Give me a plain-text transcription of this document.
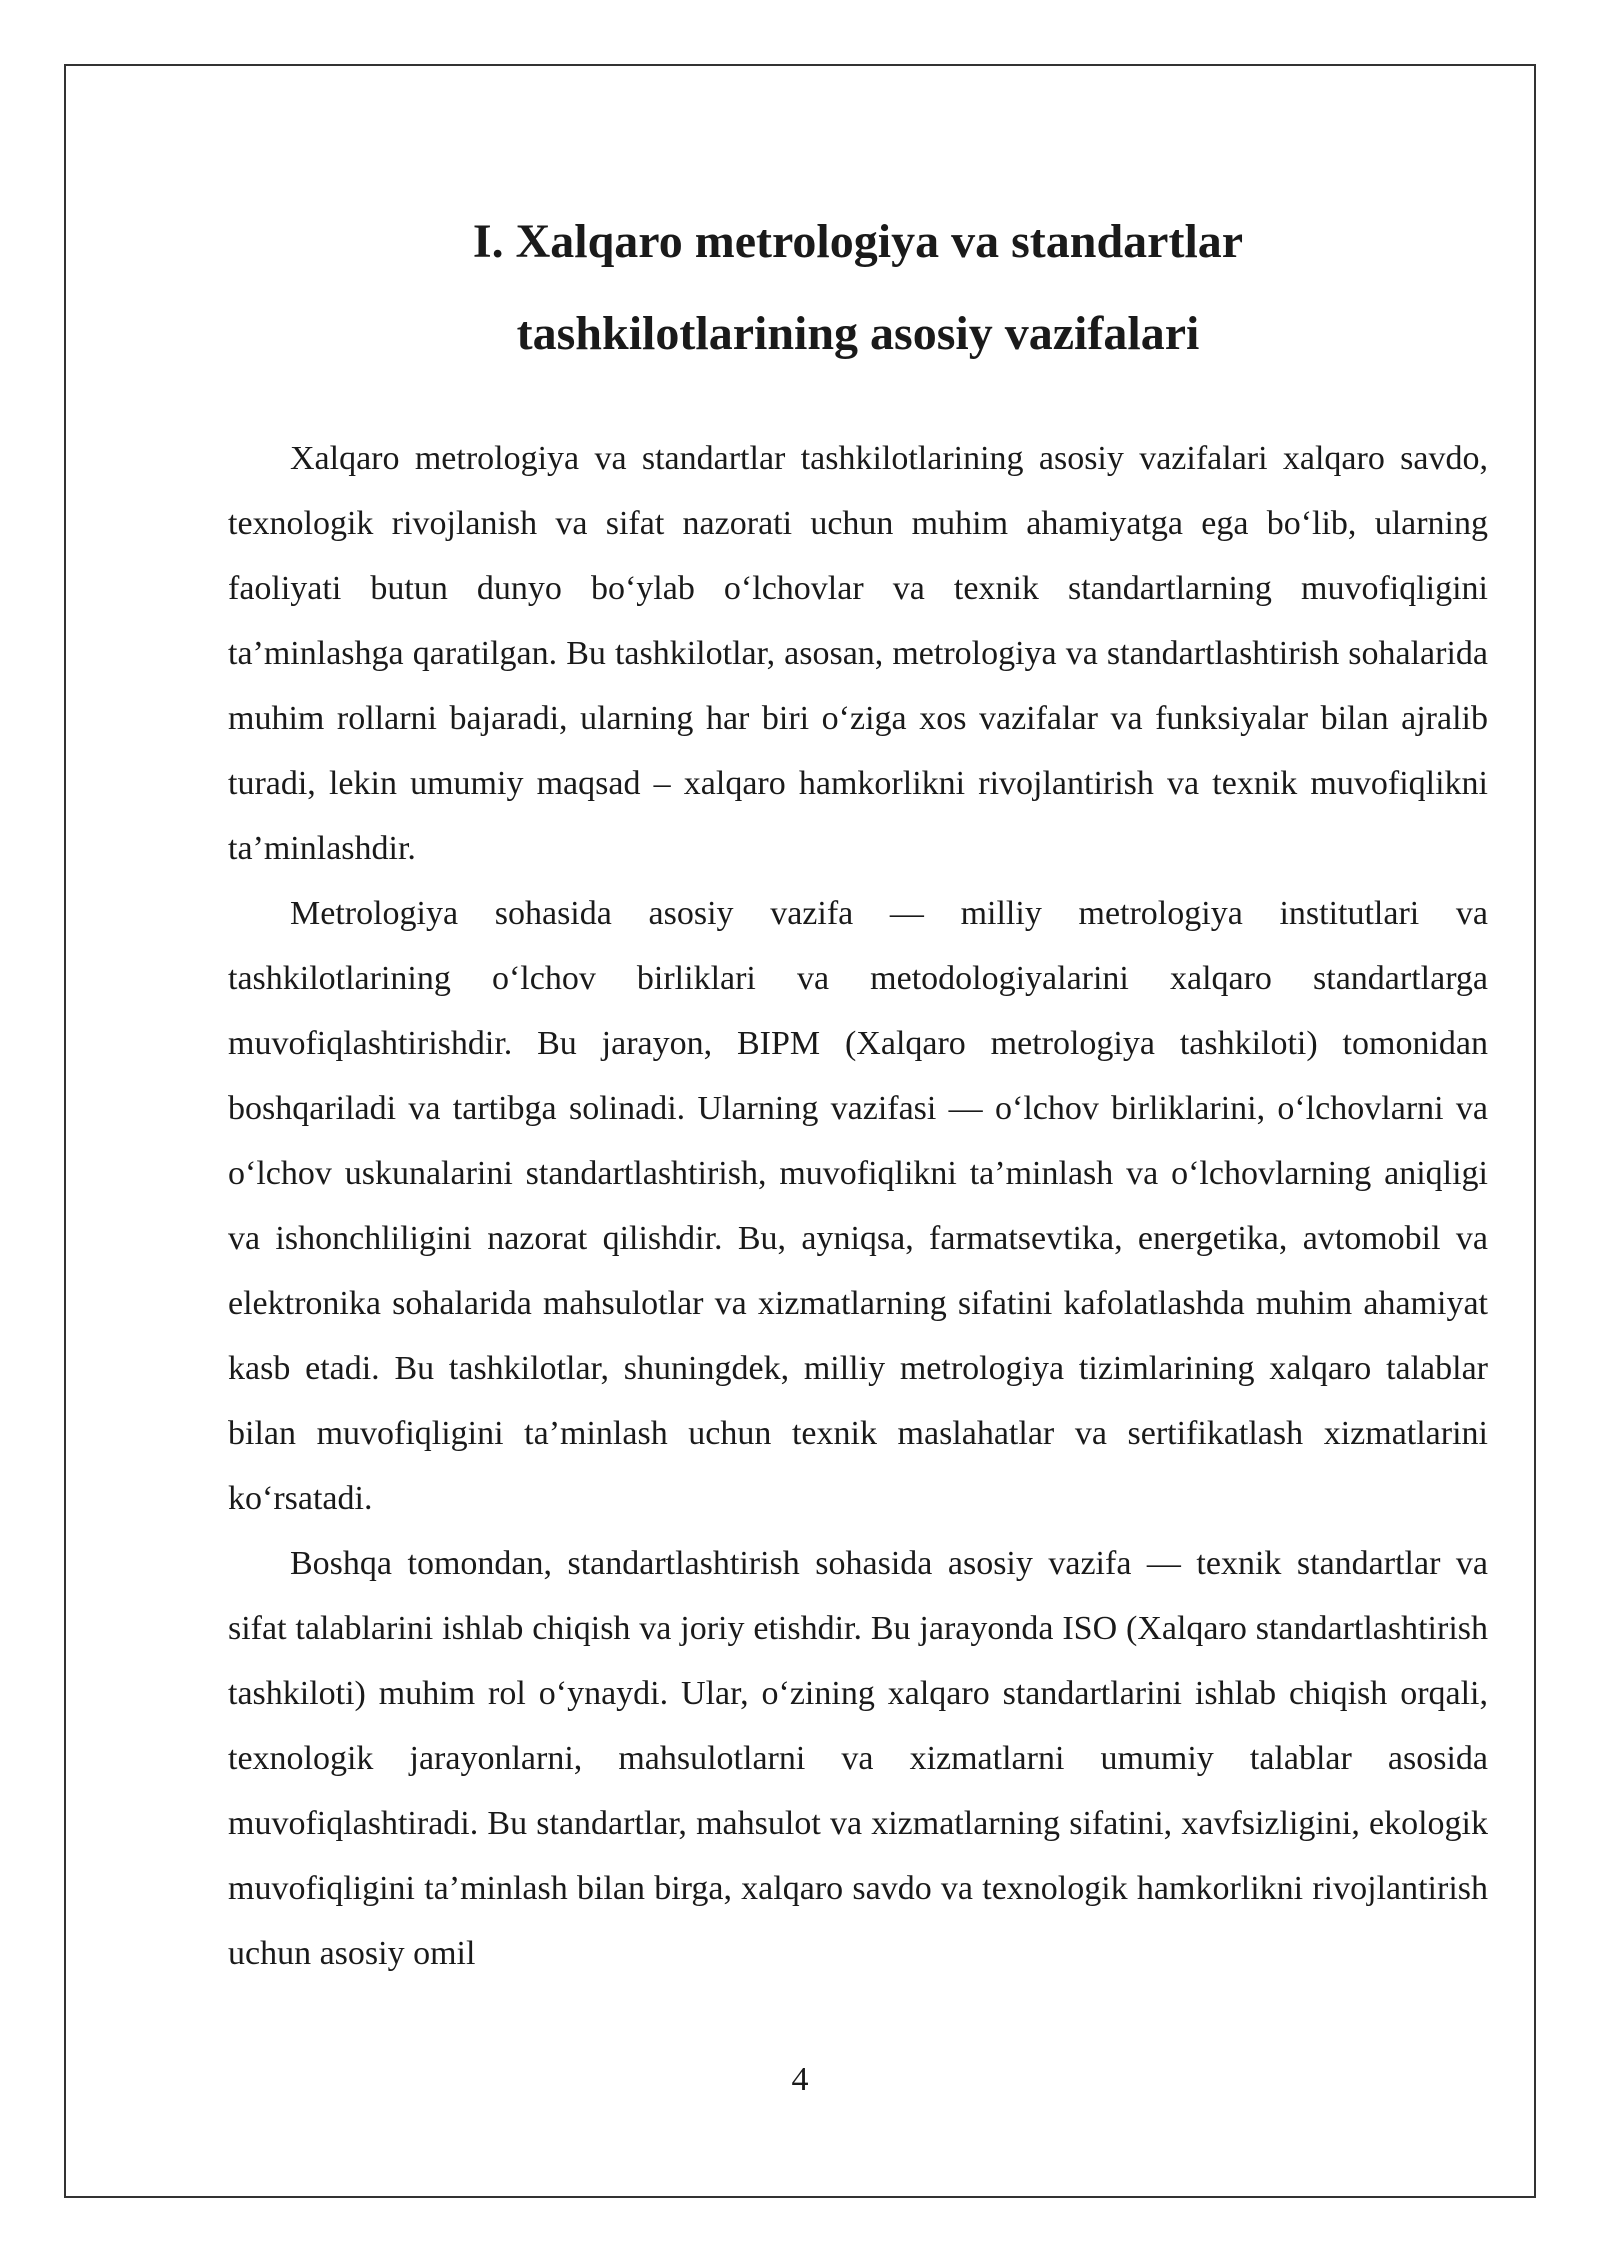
I. Xalqaro metrologiya va standartlar
tashkilotlarining asosiy vazifalari

Xalqaro metrologiya va standartlar tashkilotlarining asosiy vazifalari xalqaro savdo, texnologik rivojlanish va sifat nazorati uchun muhim ahamiyatga ega bo‘lib, ularning faoliyati butun dunyo bo‘ylab o‘lchovlar va texnik standartlarning muvofiqligini ta’minlashga qaratilgan. Bu tashkilotlar, asosan, metrologiya va standartlashtirish sohalarida muhim rollarni bajaradi, ularning har biri o‘ziga xos vazifalar va funksiyalar bilan ajralib turadi, lekin umumiy maqsad – xalqaro hamkorlikni rivojlantirish va texnik muvofiqlikni ta’minlashdir.

Metrologiya sohasida asosiy vazifa — milliy metrologiya institutlari va tashkilotlarining o‘lchov birliklari va metodologiyalarini xalqaro standartlarga muvofiqlashtirishdir. Bu jarayon, BIPM (Xalqaro metrologiya tashkiloti) tomonidan boshqariladi va tartibga solinadi. Ularning vazifasi — o‘lchov birliklarini, o‘lchovlarni va o‘lchov uskunalarini standartlashtirish, muvofiqlikni ta’minlash va o‘lchovlarning aniqligi va ishonchliligini nazorat qilishdir. Bu, ayniqsa, farmatsevtika, energetika, avtomobil va elektronika sohalarida mahsulotlar va xizmatlarning sifatini kafolatlashda muhim ahamiyat kasb etadi. Bu tashkilotlar, shuningdek, milliy metrologiya tizimlarining xalqaro talablar bilan muvofiqligini ta’minlash uchun texnik maslahatlar va sertifikatlash xizmatlarini ko‘rsatadi.

Boshqa tomondan, standartlashtirish sohasida asosiy vazifa — texnik standartlar va sifat talablarini ishlab chiqish va joriy etishdir. Bu jarayonda ISO (Xalqaro standartlashtirish tashkiloti) muhim rol o‘ynaydi. Ular, o‘zining xalqaro standartlarini ishlab chiqish orqali, texnologik jarayonlarni, mahsulotlarni va xizmatlarni umumiy talablar asosida muvofiqlashtiradi. Bu standartlar, mahsulot va xizmatlarning sifatini, xavfsizligini, ekologik muvofiqligini ta’minlash bilan birga, xalqaro savdo va texnologik hamkorlikni rivojlantirish uchun asosiy omil

4
